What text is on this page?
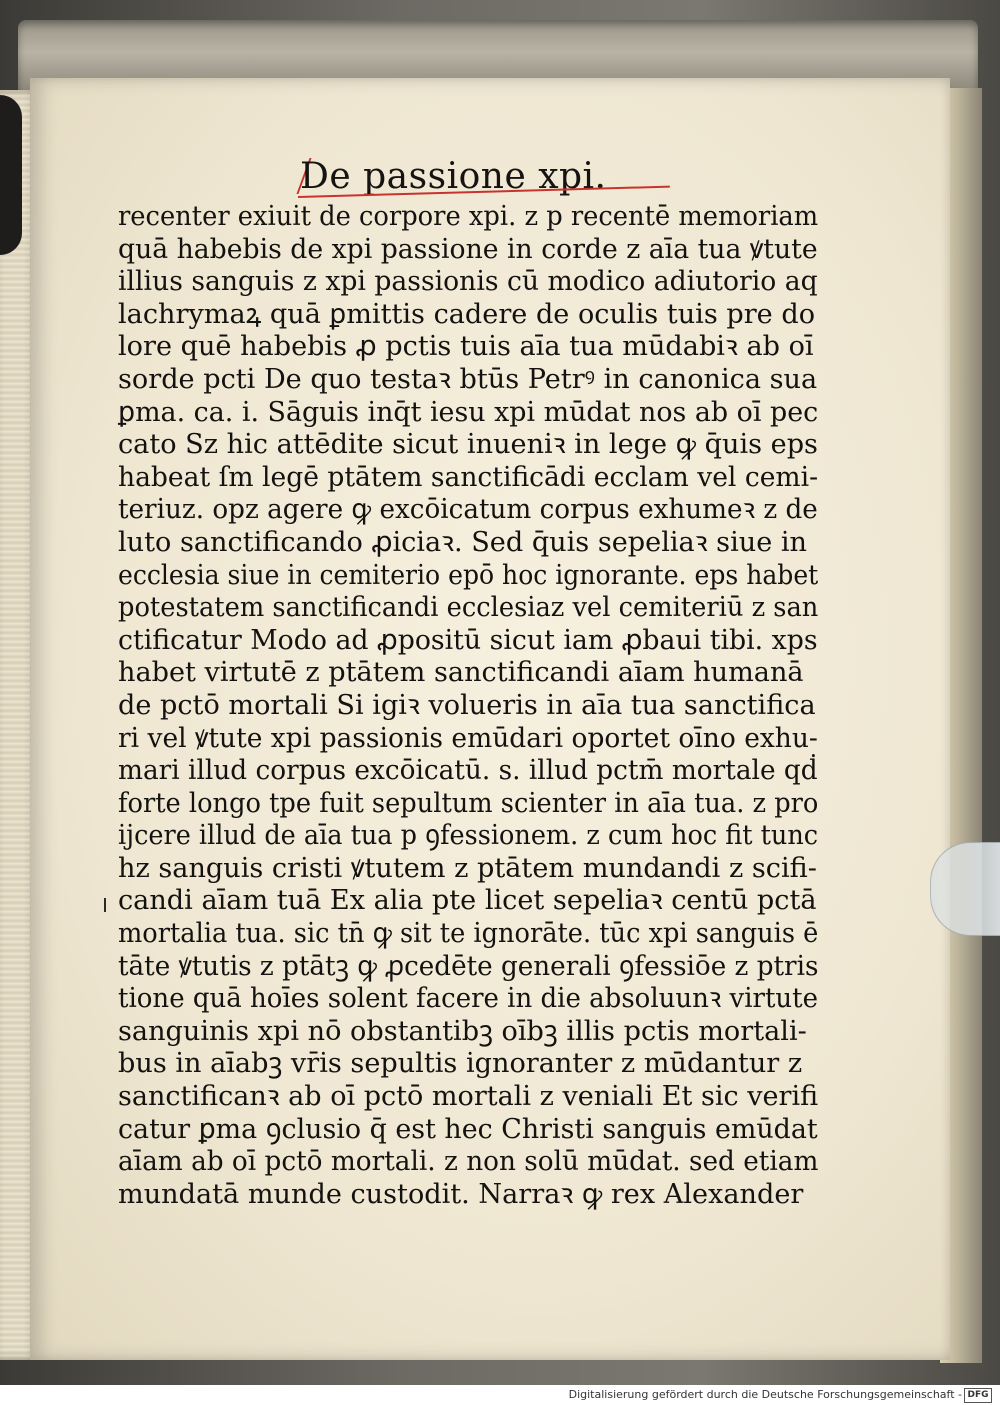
De passione xpi.
recenter exiuit de corpore xpi. z p recentē memoriam
quā habebis de xpi passione in corde z aīa tua ꝟtute
illius sanguis z xpi passionis cū modico adiutorio aq
lachrymaꝝ quā ꝑmittis cadere de oculis tuis pre do
lore quē habebis ꝓ pctis tuis aīa tua mūdabiꝛ ab oī
sorde pcti De quo testaꝛ btūs Petrꝰ in canonica sua
ꝑma. ca. i. Sāguis inq̄t iesu xpi mūdat nos ab oī pec
cato Sz hic attēdite sicut inueniꝛ in lege ꝙ q̄uis eps
habeat ſm legē ptātem sanctificādi ecclam vel cemi-
teriuz. opz agere ꝙ excōicatum corpus exhumeꝛ z de
luto sanctificando ꝓiciaꝛ. Sed q̄uis sepeliaꝛ siue in
ecclesia siue in cemiterio epō hoc ignorante. eps habet
potestatem sanctificandi ecclesiaz vel cemiteriū z san
ctificatur Modo ad ꝓpositū sicut iam ꝓbaui tibi. xps
habet virtutē z ptātem sanctificandi aīam humanā
de pctō mortali Si igiꝛ volueris in aīa tua sanctifica
ri vel ꝟtute xpi passionis emūdari oportet oīno exhu-
mari illud corpus excōicatū. s. illud pctm̄ mortale qḋ
forte longo tpe fuit sepultum scienter in aīa tua. z pro
ijcere illud de aīa tua p ꝯfessionem. z cum hoc fit tunc
hz sanguis cristi ꝟtutem z ptātem mundandi z scifi-
candi aīam tuā Ex alia pte licet sepeliaꝛ centū pctā
mortalia tua. sic tn̄ ꝙ sit te ignorāte. tūc xpi sanguis ē
tāte ꝟtutis z ptātꝫ ꝙ ꝓcedēte generali ꝯfessiōe z ptris
tione quā hoīes solent facere in die absoluunꝛ virtute
sanguinis xpi nō obstantibꝫ oībꝫ illis pctis mortali-
bus in aīabꝫ vr̄is sepultis ignoranter z mūdantur z
sanctificanꝛ ab oī pctō mortali z veniali Et sic verifi
catur ꝑma ꝯclusio q̄ est hec Christi sanguis emūdat
aīam ab oī pctō mortali. z non solū mūdat. sed etiam
mundatā munde custodit. Narraꝛ ꝙ rex Alexander
Digitalisierung gefördert durch die Deutsche Forschungsgemeinschaft - DFG
